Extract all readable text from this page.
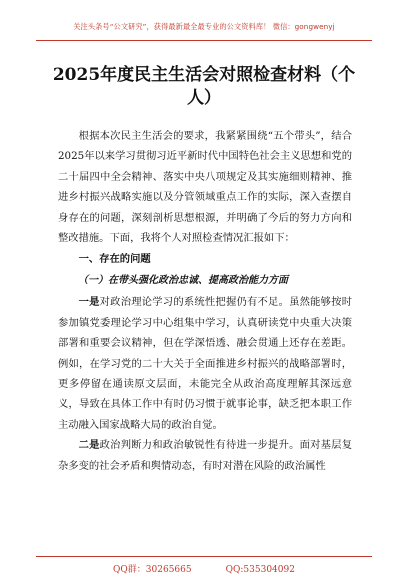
关注头条号“公文研究”，获得最新最全最专业的公文资料库！ 微信：gongwenyj
2025年度民主生活会对照检查材料（个人）

根据本次民主生活会的要求，我紧紧围绕“五个带头”，结合2025年以来学习贯彻习近平新时代中国特色社会主义思想和党的二十届四中全会精神、落实中央八项规定及其实施细则精神、推进乡村振兴战略实施以及分管领域重点工作的实际，深入查摆自身存在的问题，深刻剖析思想根源，并明确了今后的努力方向和整改措施。下面，我将个人对照检查情况汇报如下：

一、存在的问题
（一）在带头强化政治忠诚、提高政治能力方面

一是对政治理论学习的系统性把握仍有不足。虽然能够按时参加镇党委理论学习中心组集中学习，认真研读党中央重大决策部署和重要会议精神，但在学深悟透、融会贯通上还存在差距。例如，在学习党的二十大关于全面推进乡村振兴的战略部署时，更多停留在通读原文层面，未能完全从政治高度理解其深远意义，导致在具体工作中有时仍习惯于就事论事，缺乏把本职工作主动融入国家战略大局的政治自觉。

二是政治判断力和政治敏锐性有待进一步提升。面对基层复杂多变的社会矛盾和舆情动态，有时对潜在风险的政治属性

QQ群：30265665	QQ:535304092
